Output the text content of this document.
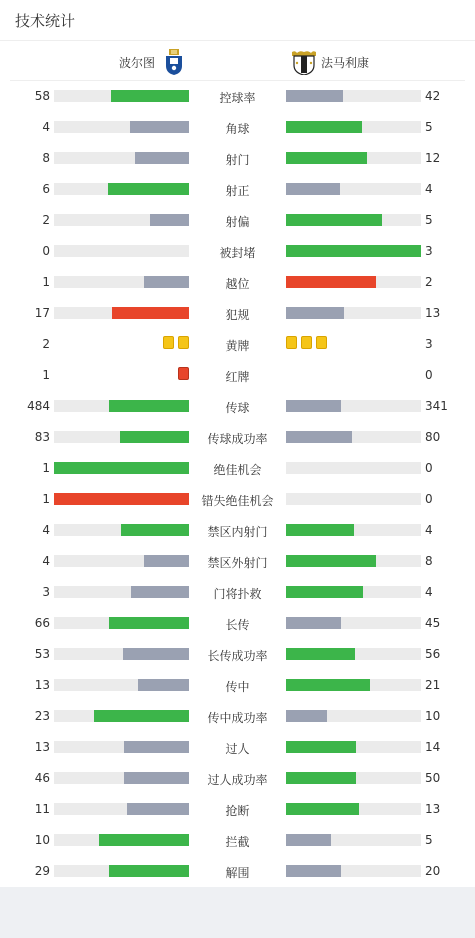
技术统计
波尔图	法马利康
58	控球率	42
4	角球	5
8	射门	12
6	射正	4
2	射偏	5
0	被封堵	3
1	越位	2
17	犯规	13
2	黄牌	3
1	红牌	0
484	传球	341
83	传球成功率	80
1	绝佳机会	0
1	错失绝佳机会	0
4	禁区内射门	4
4	禁区外射门	8
3	门将扑救	4
66	长传	45
53	长传成功率	56
13	传中	21
23	传中成功率	10
13	过人	14
46	过人成功率	50
11	抢断	13
10	拦截	5
29	解围	20
